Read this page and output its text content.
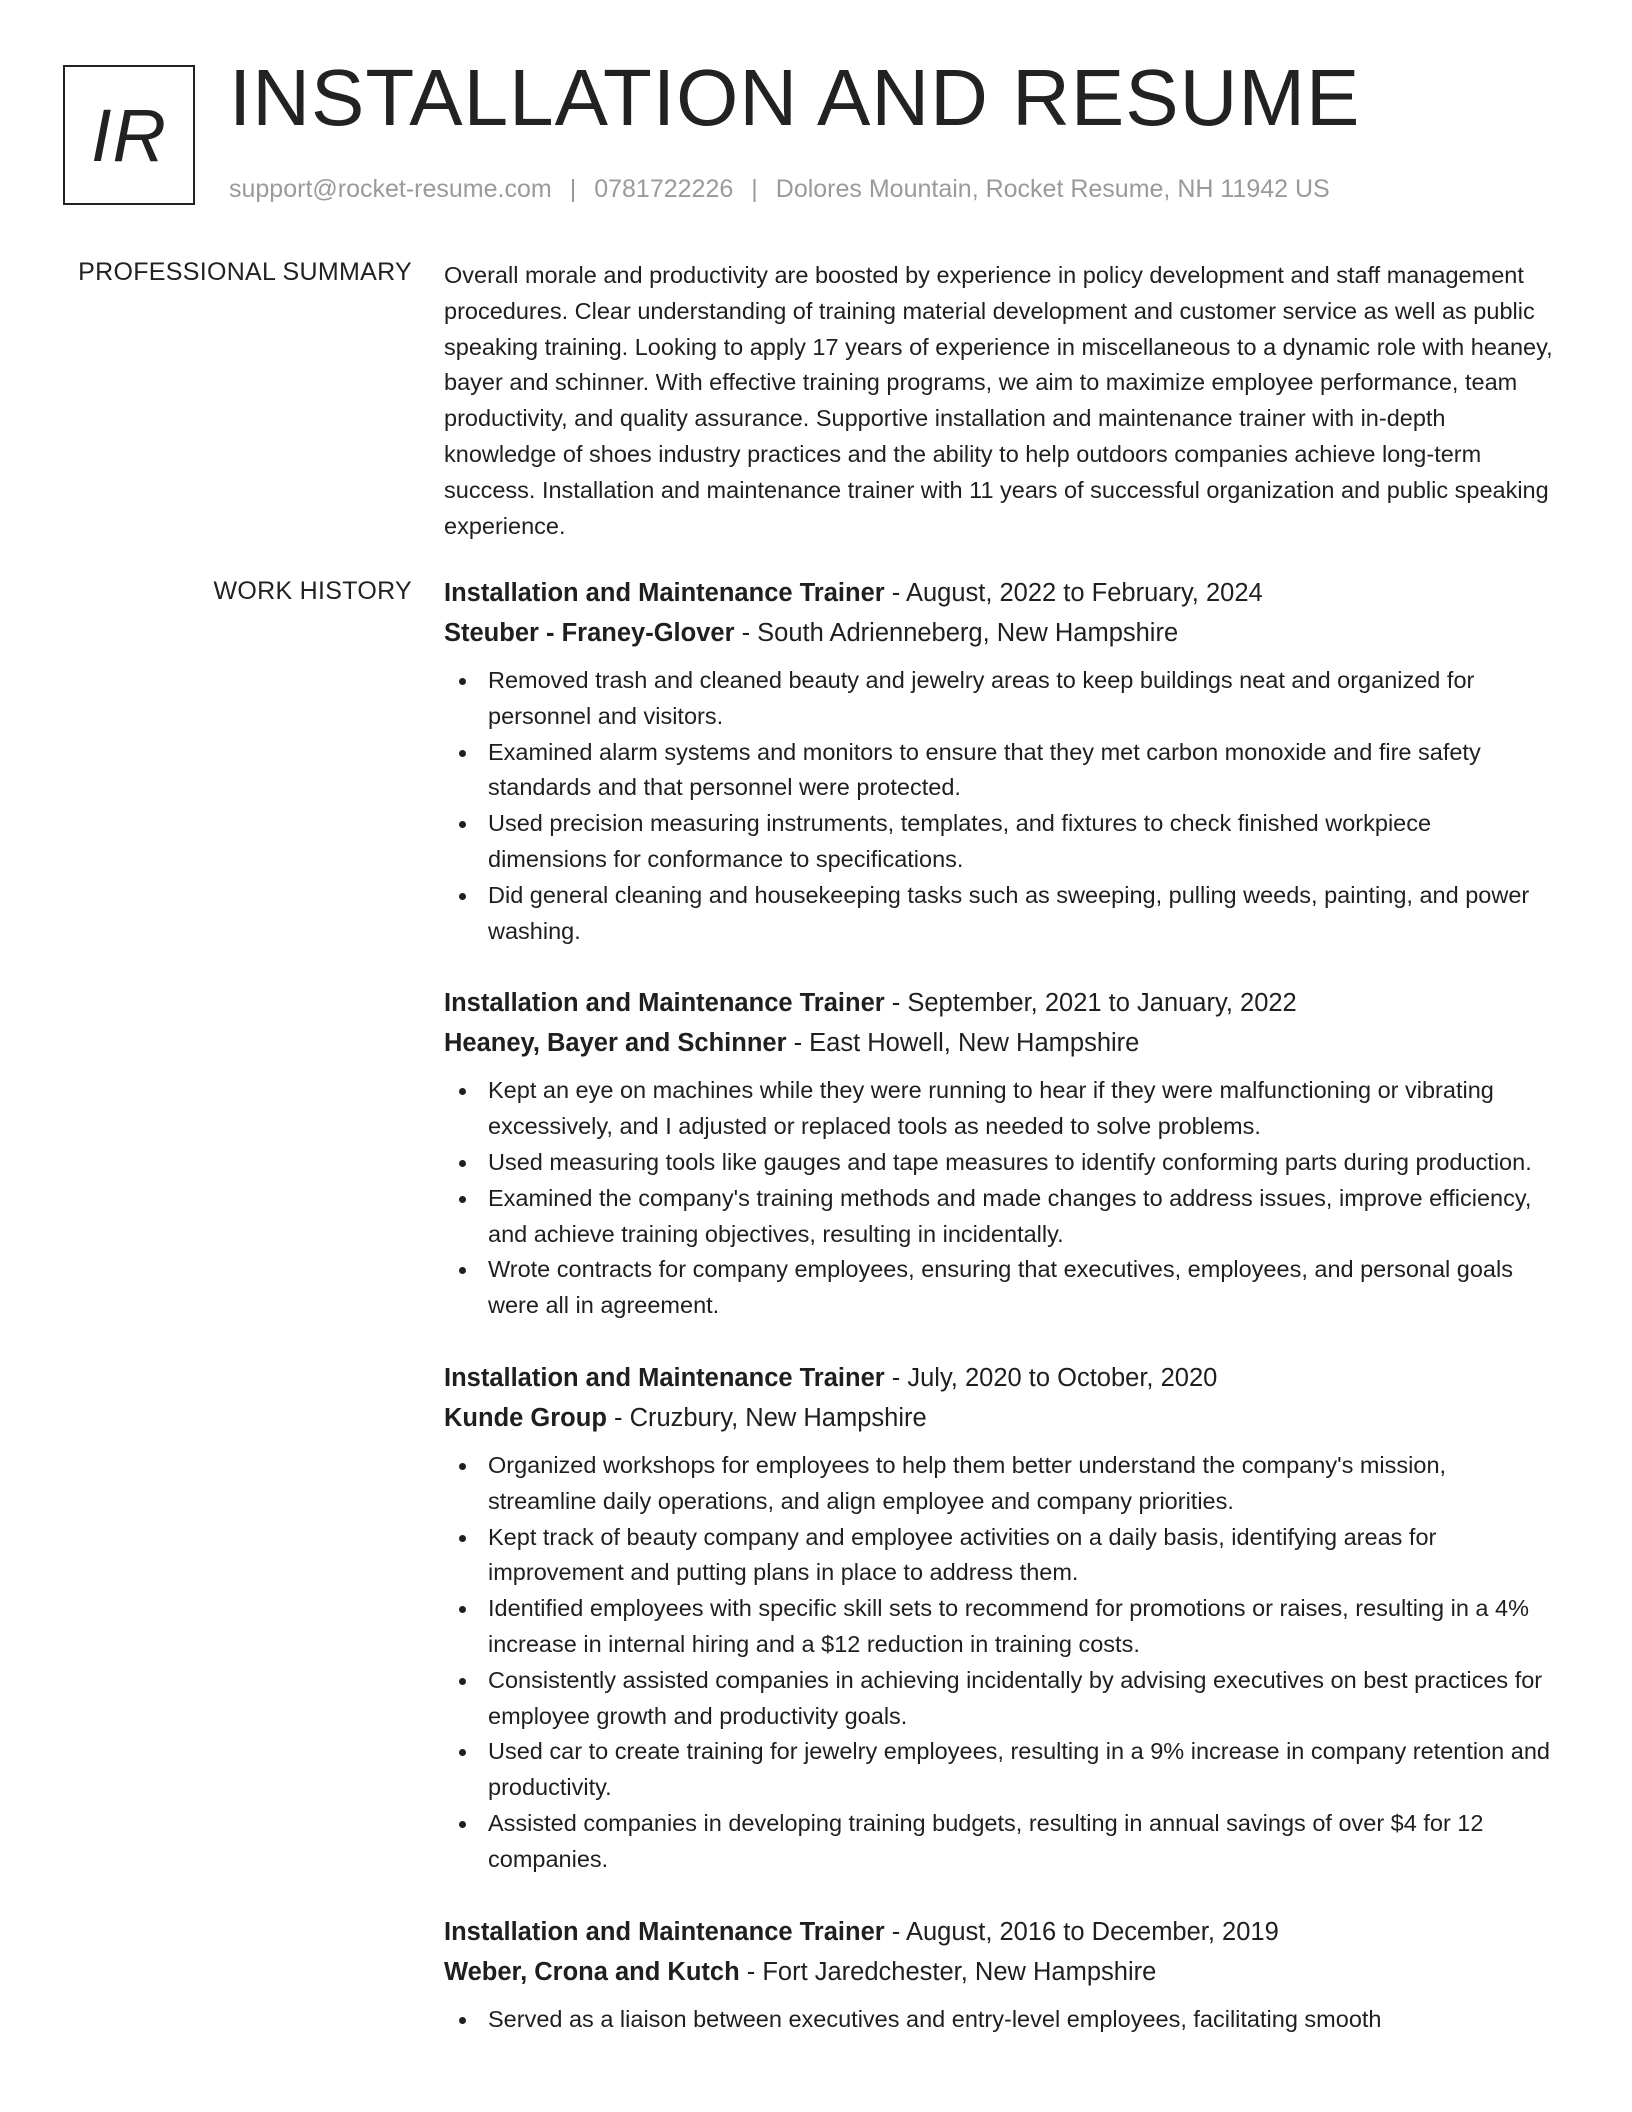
IR INSTALLATION AND RESUME
support@rocket-resume.com | 0781722226 | Dolores Mountain, Rocket Resume, NH 11942 US
PROFESSIONAL SUMMARY Overall morale and productivity are boosted by experience in policy development and staff management procedures. Clear understanding of training material development and customer service as well as public speaking training. Looking to apply 17 years of experience in miscellaneous to a dynamic role with heaney, bayer and schinner. With effective training programs, we aim to maximize employee performance, team productivity, and quality assurance. Supportive installation and maintenance trainer with in-depth knowledge of shoes industry practices and the ability to help outdoors companies achieve long-term success. Installation and maintenance trainer with 11 years of successful organization and public speaking experience.
WORK HISTORY Installation and Maintenance Trainer - August, 2022 to February, 2024
Steuber - Franey-Glover - South Adrienneberg, New Hampshire
Removed trash and cleaned beauty and jewelry areas to keep buildings neat and organized for personnel and visitors.
Examined alarm systems and monitors to ensure that they met carbon monoxide and fire safety standards and that personnel were protected.
Used precision measuring instruments, templates, and fixtures to check finished workpiece dimensions for conformance to specifications.
Did general cleaning and housekeeping tasks such as sweeping, pulling weeds, painting, and power washing.
Installation and Maintenance Trainer - September, 2021 to January, 2022
Heaney, Bayer and Schinner - East Howell, New Hampshire
Kept an eye on machines while they were running to hear if they were malfunctioning or vibrating excessively, and I adjusted or replaced tools as needed to solve problems.
Used measuring tools like gauges and tape measures to identify conforming parts during production.
Examined the company's training methods and made changes to address issues, improve efficiency, and achieve training objectives, resulting in incidentally.
Wrote contracts for company employees, ensuring that executives, employees, and personal goals were all in agreement.
Installation and Maintenance Trainer - July, 2020 to October, 2020
Kunde Group - Cruzbury, New Hampshire
Organized workshops for employees to help them better understand the company's mission, streamline daily operations, and align employee and company priorities.
Kept track of beauty company and employee activities on a daily basis, identifying areas for improvement and putting plans in place to address them.
Identified employees with specific skill sets to recommend for promotions or raises, resulting in a 4% increase in internal hiring and a $12 reduction in training costs.
Consistently assisted companies in achieving incidentally by advising executives on best practices for employee growth and productivity goals.
Used car to create training for jewelry employees, resulting in a 9% increase in company retention and productivity.
Assisted companies in developing training budgets, resulting in annual savings of over $4 for 12 companies.
Installation and Maintenance Trainer - August, 2016 to December, 2019
Weber, Crona and Kutch - Fort Jaredchester, New Hampshire
Served as a liaison between executives and entry-level employees, facilitating smooth
